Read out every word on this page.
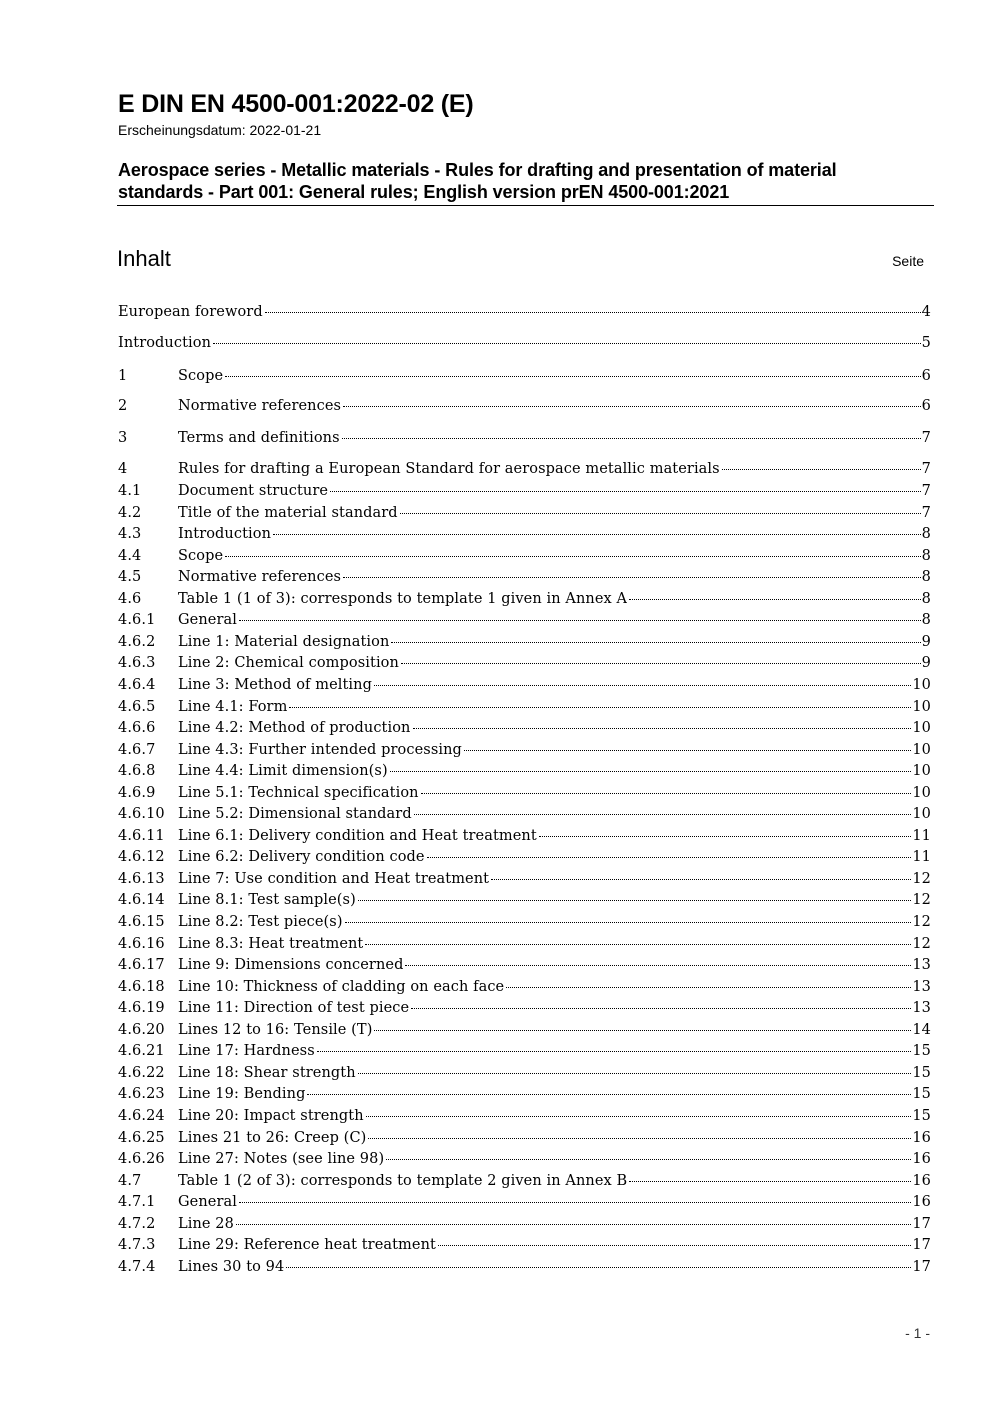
E DIN EN 4500-001:2022-02 (E)
Erscheinungsdatum: 2022-01-21
Aerospace series - Metallic materials - Rules for drafting and presentation of material
standards - Part 001: General rules; English version prEN 4500-001:2021
Inhalt	Seite
European foreword	4
Introduction	5
1	Scope	6
2	Normative references	6
3	Terms and definitions	7
4	Rules for drafting a European Standard for aerospace metallic materials	7
4.1	Document structure	7
4.2	Title of the material standard	7
4.3	Introduction	8
4.4	Scope	8
4.5	Normative references	8
4.6	Table 1 (1 of 3): corresponds to template 1 given in Annex A	8
4.6.1	General	8
4.6.2	Line 1: Material designation	9
4.6.3	Line 2: Chemical composition	9
4.6.4	Line 3: Method of melting	10
4.6.5	Line 4.1: Form	10
4.6.6	Line 4.2: Method of production	10
4.6.7	Line 4.3: Further intended processing	10
4.6.8	Line 4.4: Limit dimension(s)	10
4.6.9	Line 5.1: Technical specification	10
4.6.10 Line 5.2: Dimensional standard	10
4.6.11 Line 6.1: Delivery condition and Heat treatment	11
4.6.12 Line 6.2: Delivery condition code	11
4.6.13 Line 7: Use condition and Heat treatment	12
4.6.14 Line 8.1: Test sample(s)	12
4.6.15 Line 8.2: Test piece(s)	12
4.6.16 Line 8.3: Heat treatment	12
4.6.17 Line 9: Dimensions concerned	13
4.6.18 Line 10: Thickness of cladding on each face	13
4.6.19 Line 11: Direction of test piece	13
4.6.20 Lines 12 to 16: Tensile (T)	14
4.6.21 Line 17: Hardness	15
4.6.22 Line 18: Shear strength	15
4.6.23 Line 19: Bending	15
4.6.24 Line 20: Impact strength	15
4.6.25 Lines 21 to 26: Creep (C)	16
4.6.26 Line 27: Notes (see line 98)	16
4.7	Table 1 (2 of 3): corresponds to template 2 given in Annex B	16
4.7.1	General	16
4.7.2	Line 28	17
4.7.3	Line 29: Reference heat treatment	17
4.7.4	Lines 30 to 94	17
- 1 -
